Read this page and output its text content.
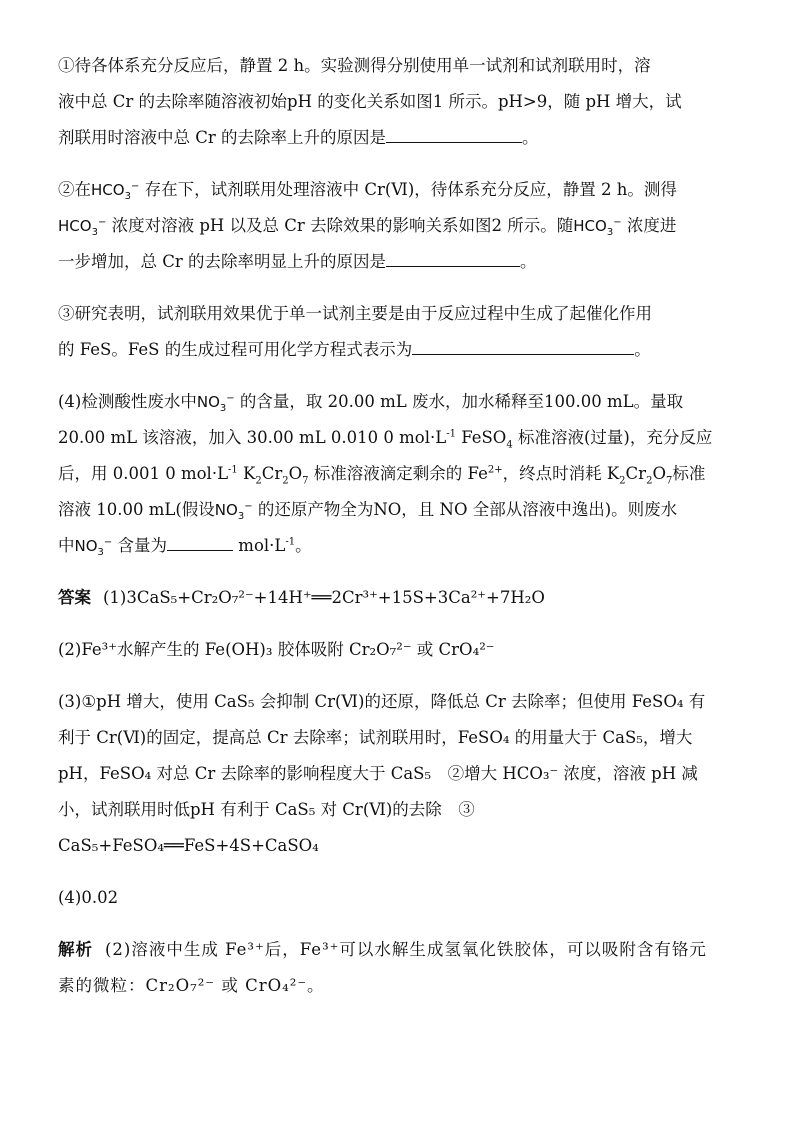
①待各体系充分反应后，静置 2 h。实验测得分别使用单一试剂和试剂联用时，溶
液中总 Cr 的去除率随溶液初始pH 的变化关系如图1 所示。pH>9，随 pH 增大，试
剂联用时溶液中总 Cr 的去除率上升的原因是	。
②在$HCO_3^-$ 存在下，试剂联用处理溶液中 Cr(Ⅵ)，待体系充分反应，静置 2 h。测得
$HCO_3^-$ 浓度对溶液 pH 以及总 Cr 去除效果的影响关系如图2 所示。随$HCO_3^-$ 浓度进
一步增加，总 Cr 的去除率明显上升的原因是	。
③研究表明，试剂联用效果优于单一试剂主要是由于反应过程中生成了起催化作用
的 FeS。FeS 的生成过程可用化学方程式表示为	。
(4)检测酸性废水中$NO_3^-$ 的含量，取 20.00 mL 废水，加水稀释至100.00 mL。量取
20.00 mL 该溶液，加入 30.00 mL 0.010 0 $mol\cdot L^{-1}$ FeSO$_4$ 标准溶液(过量)，充分反应
后，用 0.001 0 $mol\cdot L^{-1}$ $K_2Cr_2O_7$ 标准溶液滴定剩余的 $Fe^{2+}$，终点时消耗 $K_2Cr_2O_7$标准
溶液 10.00 mL(假设$NO_3^-$ 的还原产物全为NO，且 NO 全部从溶液中逸出)。则废水
中$NO_3^-$ 含量为	$mol\cdot L^{-1}$。
答案 (1)3CaS₅+Cr₂O₇²⁻+14H⁺══2Cr³⁺+15S+3Ca²⁺+7H₂O
(2)Fe³⁺水解产生的 Fe(OH)₃ 胶体吸附 Cr₂O₇²⁻ 或 CrO₄²⁻
(3)①pH 增大，使用 CaS₅ 会抑制 Cr(Ⅵ)的还原，降低总 Cr 去除率；但使用 FeSO₄ 有
利于 Cr(Ⅵ)的固定，提高总 Cr 去除率；试剂联用时，FeSO₄ 的用量大于 CaS₅，增大
pH，FeSO₄ 对总 Cr 去除率的影响程度大于 CaS₅　②增大 HCO₃⁻ 浓度，溶液 pH 减
小，试剂联用时低pH 有利于 CaS₅ 对 Cr(Ⅵ)的去除　③
CaS₅+FeSO₄══FeS+4S+CaSO₄
(4)0.02
解析 (2)溶液中生成 Fe³⁺后，Fe³⁺可以水解生成氢氧化铁胶体，可以吸附含有铬元
素的微粒：Cr₂O₇²⁻ 或 CrO₄²⁻。
